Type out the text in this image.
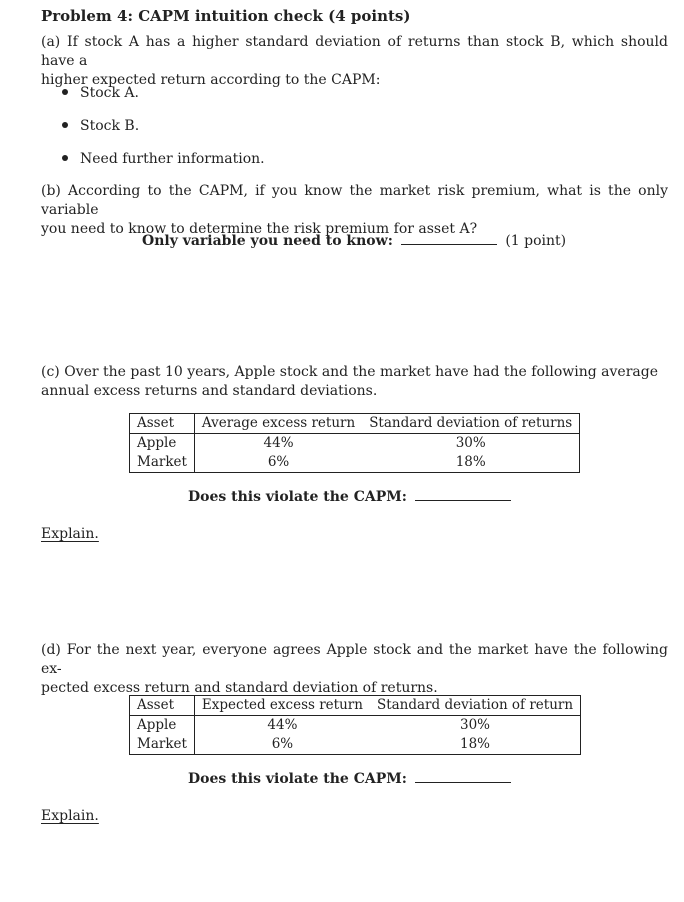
Problem 4: CAPM intuition check (4 points)
(a) If stock A has a higher standard deviation of returns than stock B, which should have a
higher expected return according to the CAPM:
Stock A.
Stock B.
Need further information.
(b) According to the CAPM, if you know the market risk premium, what is the only variable
you need to know to determine the risk premium for asset A?
Only variable you need to know:	(1 point)
(c) Over the past 10 years, Apple stock and the market have had the following average
annual excess returns and standard deviations.
Asset	Average excess return	Standard deviation of returns
Apple	44%	30%
Market	6%	18%
Does this violate the CAPM:
Explain.
(d) For the next year, everyone agrees Apple stock and the market have the following ex-
pected excess return and standard deviation of returns.
Asset	Expected excess return	Standard deviation of return
Apple	44%	30%
Market	6%	18%
Does this violate the CAPM:
Explain.
